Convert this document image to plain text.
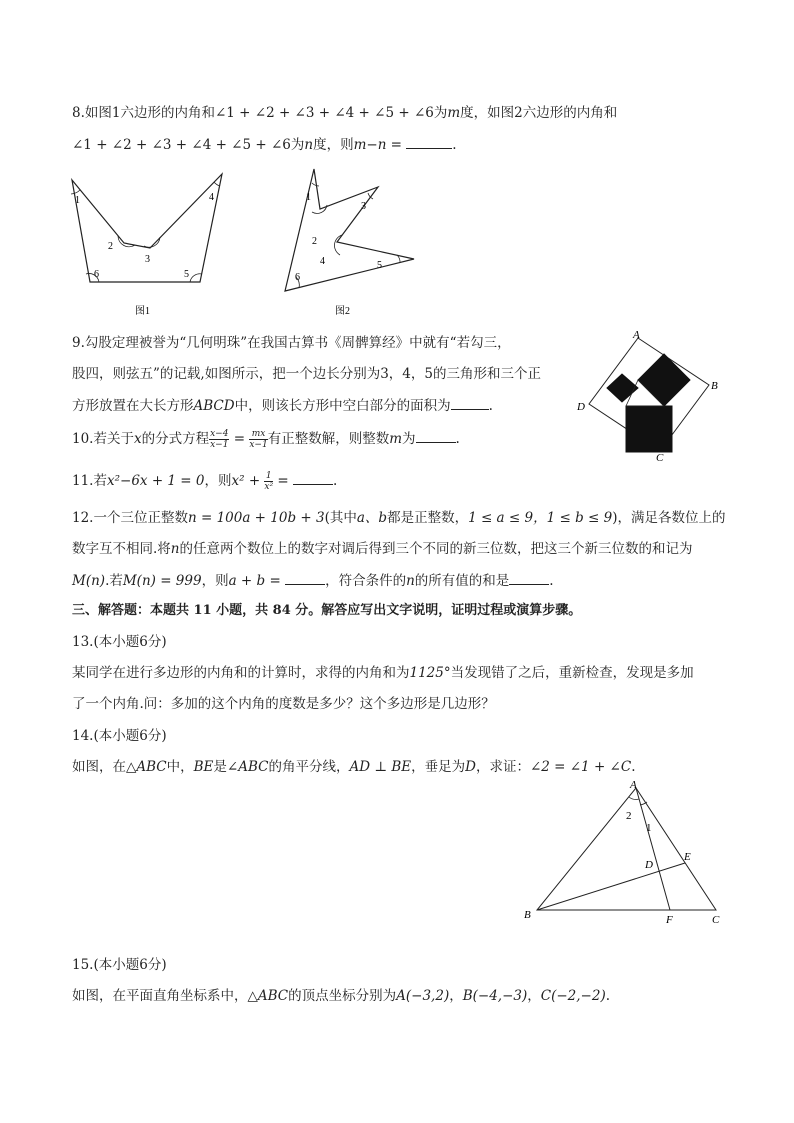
8.如图1六边形的内角和∠1 + ∠2 + ∠3 + ∠4 + ∠5 + ∠6为m度，如图2六边形的内角和
∠1 + ∠2 + ∠3 + ∠4 + ∠5 + ∠6为n度，则m−n =	.
1
2
3
4
5
6
图1
1
2
3
4	5
6
图2
9.勾股定理被誉为“几何明珠”在我国古算书《周髀算经》中就有“若勾三，
股四，则弦五”的记载,如图所示，把一个边长分别为3，4，5的三角形和三个正
方形放置在大长方形ABCD中，则该长方形中空白部分的面积为	.
A
B
C
D
10.若关于x的分式方程 $\frac{x-4}{x-1} = \frac{mx}{x-1}$ 有正整数解，则整数m为	.
11.若x²−6x + 1 = 0，则$x^2 + \frac{1}{\text{x²}}$ =	.
12.一个三位正整数n = 100a + 10b + 3(其中a、b都是正整数，1 ≤ a ≤ 9，1 ≤ b ≤ 9)，满足各数位上的
数字互不相同.将n的任意两个数位上的数字对调后得到三个不同的新三位数，把这三个新三位数的和记为
M(n).若M(n) = 999，则a + b =	，符合条件的n的所有值的和是	.
三、解答题：本题共 11 小题，共 84 分。解答应写出文字说明，证明过程或演算步骤。
13.(本小题6分)
某同学在进行多边形的内角和的计算时，求得的内角和为1125°当发现错了之后，重新检查，发现是多加
了一个内角.问：多加的这个内角的度数是多少？这个多边形是几边形？
14.(本小题6分)
如图，在△ABC中，BE是∠ABC的角平分线，AD ⊥ BE，垂足为D，求证：∠2 = ∠1 + ∠C.
A
B	C
D
E
F
1
2
15.(本小题6分)
如图，在平面直角坐标系中，△ABC的顶点坐标分别为A(−3,2)，B(−4,−3)，C(−2,−2).
